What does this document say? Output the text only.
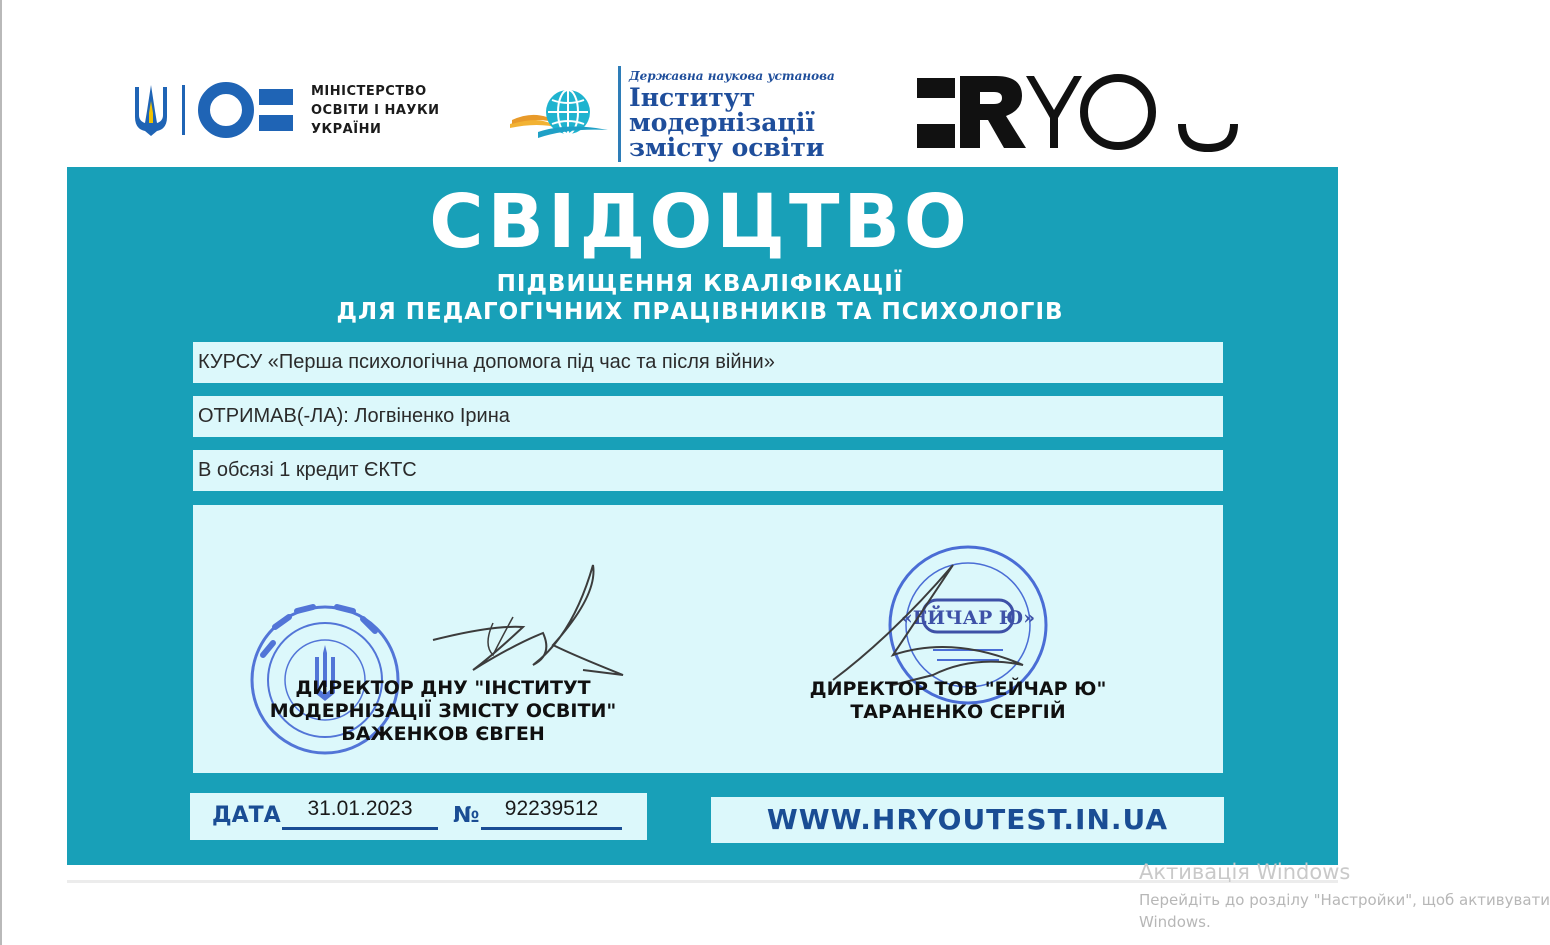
МІНІСТЕРСТВО
ОСВІТИ І НАУКИ
УКРАЇНИ
Державна наукова установа
Інститут
модернізації
змісту освіти
СВІДОЦТВО
ПІДВИЩЕННЯ КВАЛІФІКАЦІЇ
ДЛЯ ПЕДАГОГІЧНИХ ПРАЦІВНИКІВ ТА ПСИХОЛОГІВ
КУРСУ «Перша психологічна допомога під час та після війни»
ОТРИМАВ(-ЛА): Логвіненко Ірина
В обсязі 1 кредит ЄКТС
«ЕЙЧАР Ю»
ДИРЕКТОР ДНУ "ІНСТИТУТ
МОДЕРНІЗАЦІЇ ЗМІСТУ ОСВІТИ"
БАЖЕНКОВ ЄВГЕН
ДИРЕКТОР ТОВ "ЕЙЧАР Ю"
ТАРАНЕНКО СЕРГІЙ
ДАТА	31.01.2023	№	92239512	WWW.HRYOUTEST.IN.UA
Активація Windows
Перейдіть до розділу "Настройки", щоб активувати
Windows.
